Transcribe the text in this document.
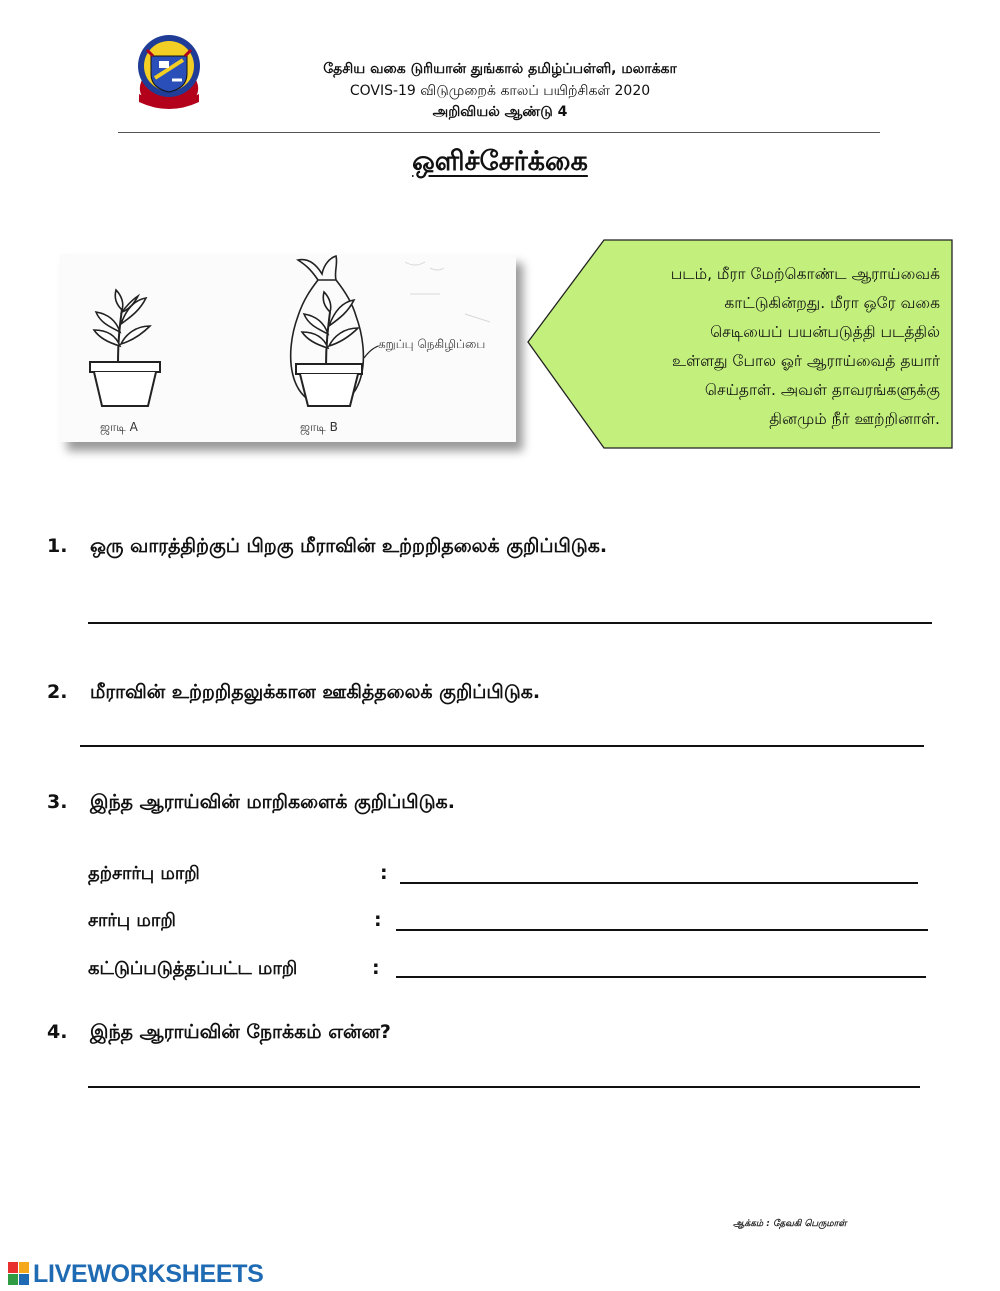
தேசிய வகை டுரியான் துங்கால் தமிழ்ப்பள்ளி, மலாக்கா
COVIS-19 விடுமுறைக் காலப் பயிற்சிகள் 2020
அறிவியல் ஆண்டு 4
ஒளிச்சேர்க்கை
ஜாடி A	ஜாடி B
கறுப்பு நெகிழிப்பை

படம், மீரா மேற்கொண்ட ஆராய்வைக்

காட்டுகின்றது. மீரா ஒரே வகை

செடியைப் பயன்படுத்தி படத்தில்

உள்ளது போல ஓர் ஆராய்வைத் தயார்

செய்தாள். அவள் தாவரங்களுக்கு

தினமும் நீர் ஊற்றினாள்.

1. ஒரு வாரத்திற்குப் பிறகு மீராவின் உற்றறிதலைக் குறிப்பிடுக.
2. மீராவின் உற்றறிதலுக்கான ஊகித்தலைக் குறிப்பிடுக.
3. இந்த ஆராய்வின் மாறிகளைக் குறிப்பிடுக.
தற்சார்பு மாறி	:
சார்பு மாறி	:
கட்டுப்படுத்தப்பட்ட மாறி	:
4. இந்த ஆராய்வின் நோக்கம் என்ன?
ஆக்கம் : தேவகி பெருமாள்
LIVEWORKSHEETS
